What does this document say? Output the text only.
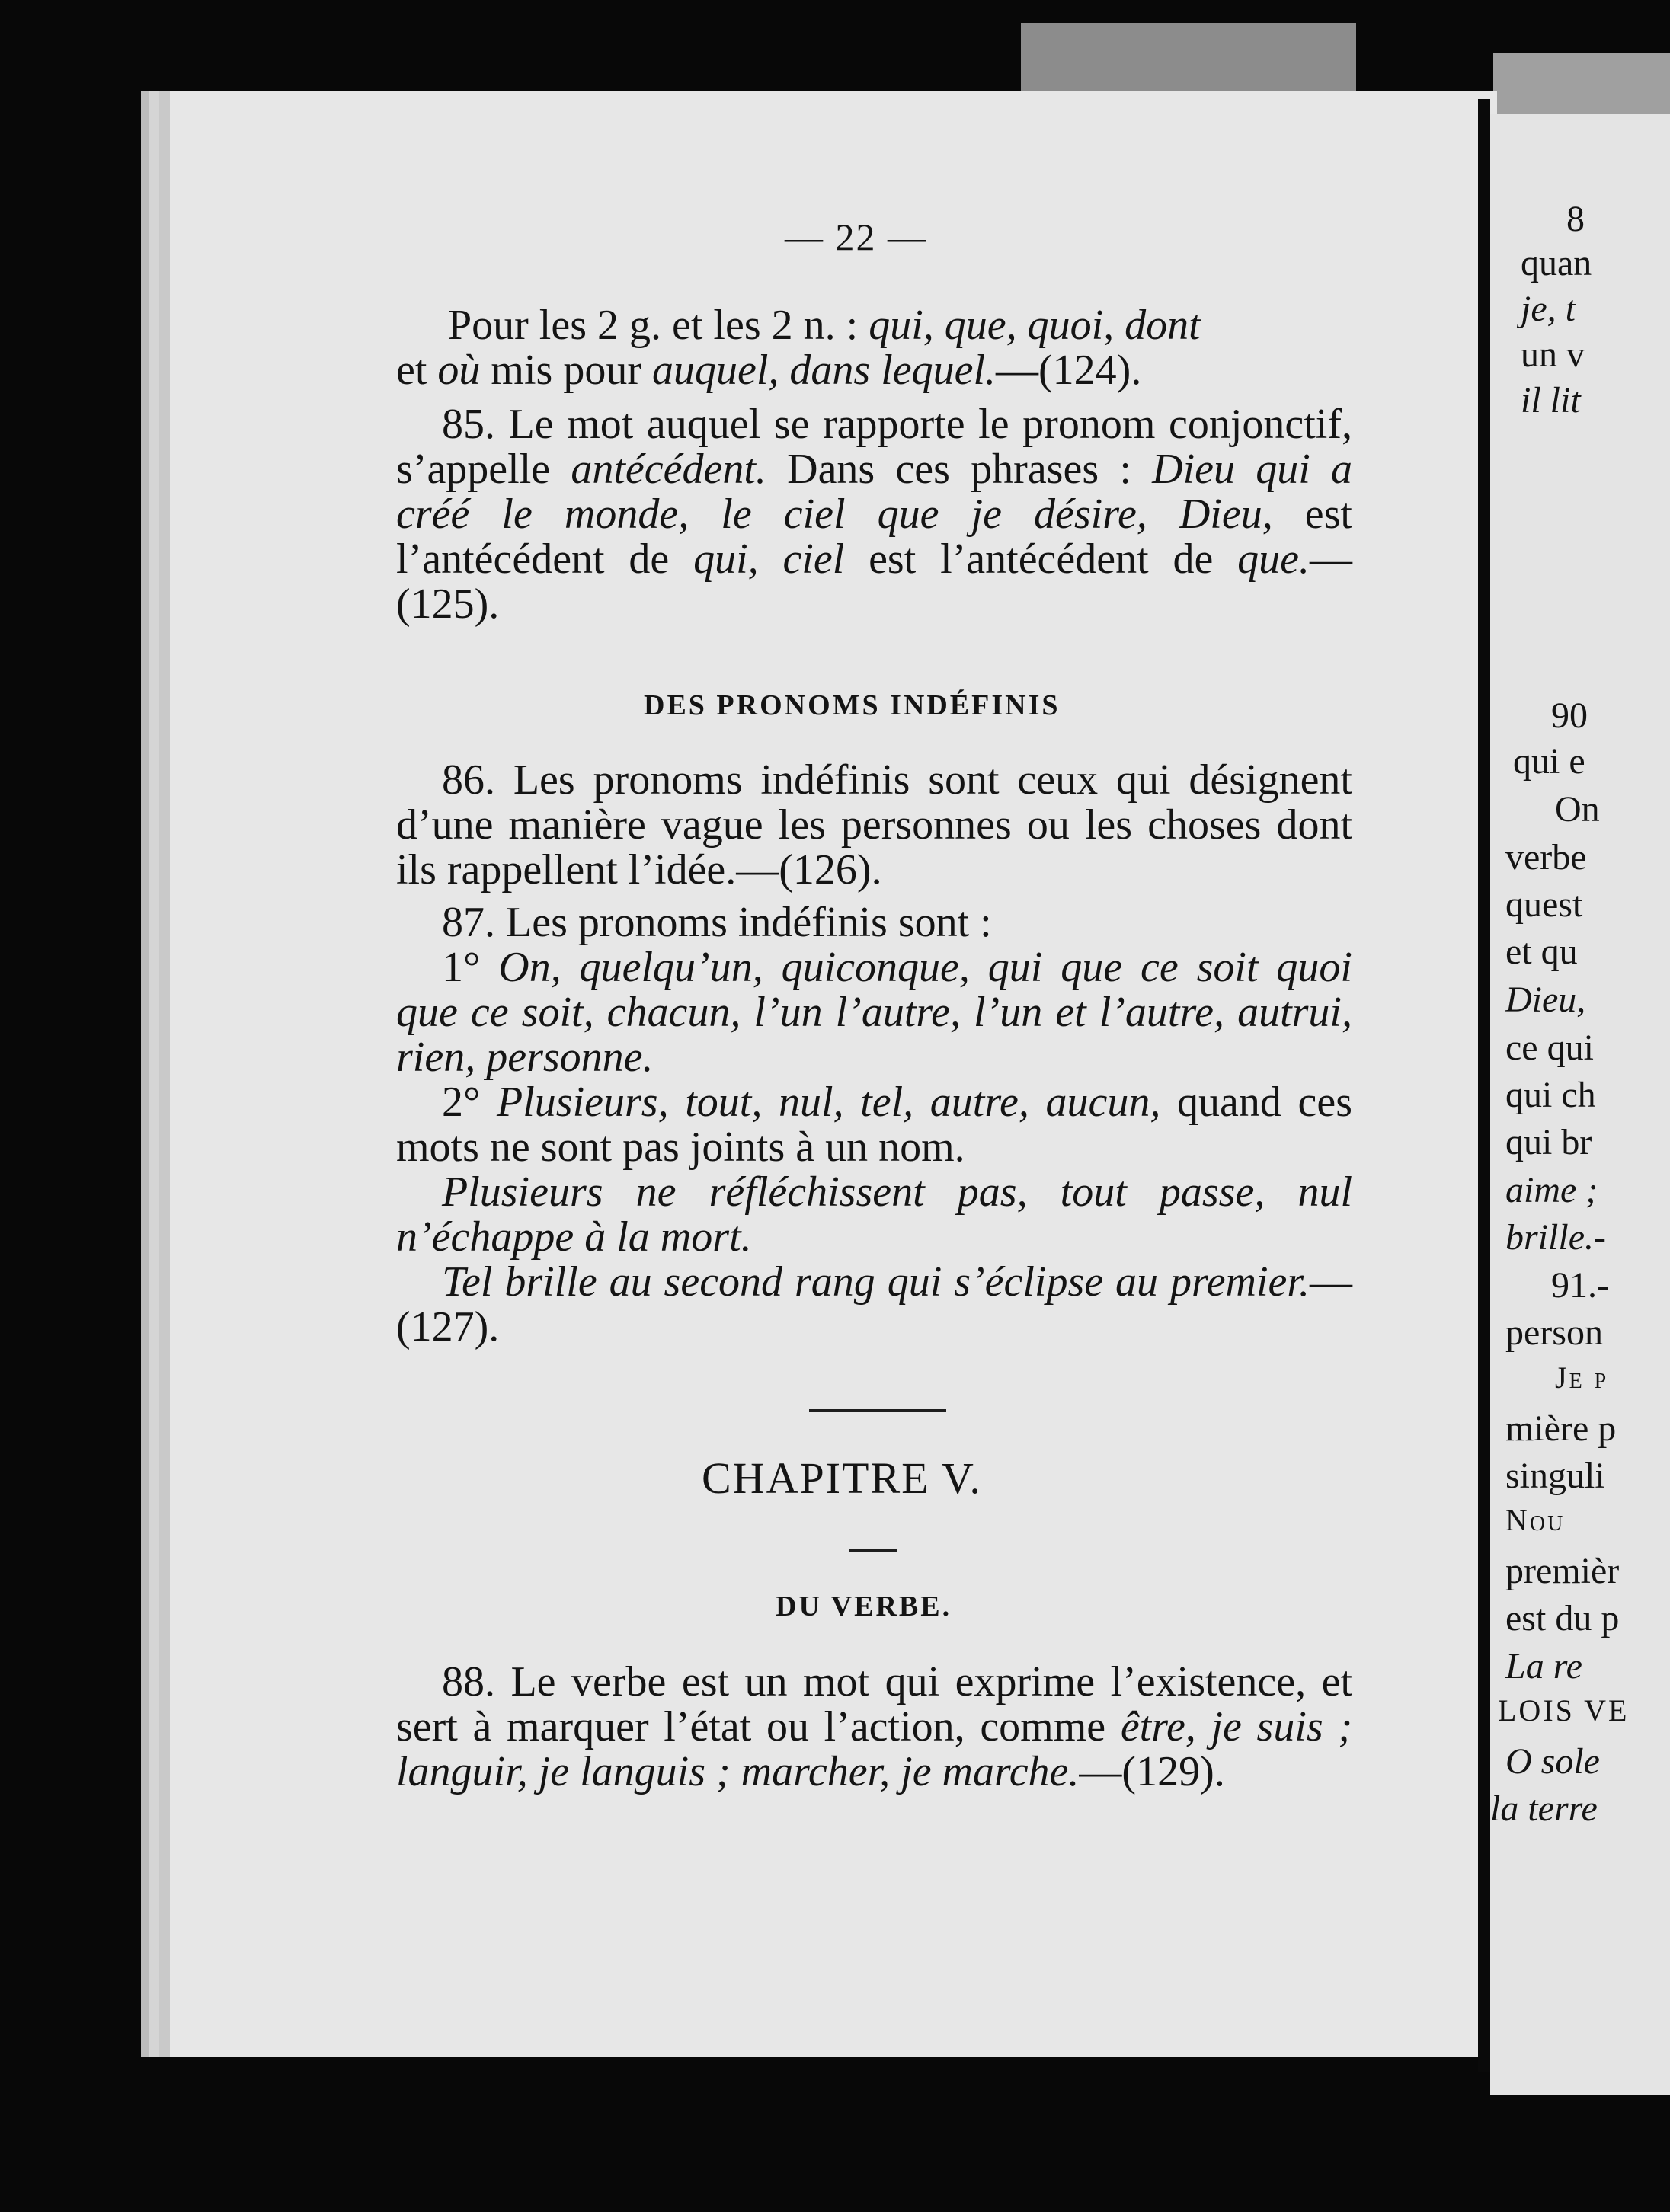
— 22 —
Pour les 2 g. et les 2 n. : qui, que, quoi, dont

et où mis pour auquel, dans lequel.—(124).

85. Le mot auquel se rapporte le pronom conjonctif, s’appelle antécédent. Dans ces phrases : Dieu qui a créé le monde, le ciel que je désire, Dieu, est l’antécédent de qui, ciel est l’antécédent de que.—(125).

DES PRONOMS INDÉFINIS

86. Les pronoms indéfinis sont ceux qui désignent d’une manière vague les personnes ou les choses dont ils rappellent l’idée.—(126).

87. Les pronoms indéfinis sont :

1° On, quelqu’un, quiconque, qui que ce soit quoi que ce soit, chacun, l’un l’autre, l’un et l’autre, autrui, rien, personne.

2° Plusieurs, tout, nul, tel, autre, aucun, quand ces mots ne sont pas joints à un nom.

Plusieurs ne réfléchissent pas, tout passe, nul n’échappe à la mort.

Tel brille au second rang qui s’éclipse au premier.—(127).

CHAPITRE V.
DU VERBE.

88. Le verbe est un mot qui exprime l’existence, et sert à marquer l’état ou l’action, comme être, je suis ; languir, je languis ; marcher, je marche.—(129).

8
quan
je, t
un v
il lit
90
qui e
On
verbe
quest
et qu
Dieu,
ce qui
qui ch
qui br
aime ;
brille.-
91.-
person
Je p
mière p
singuli
Nou
premièr
est du p
La re
LOIS VE
O sole
la terre
